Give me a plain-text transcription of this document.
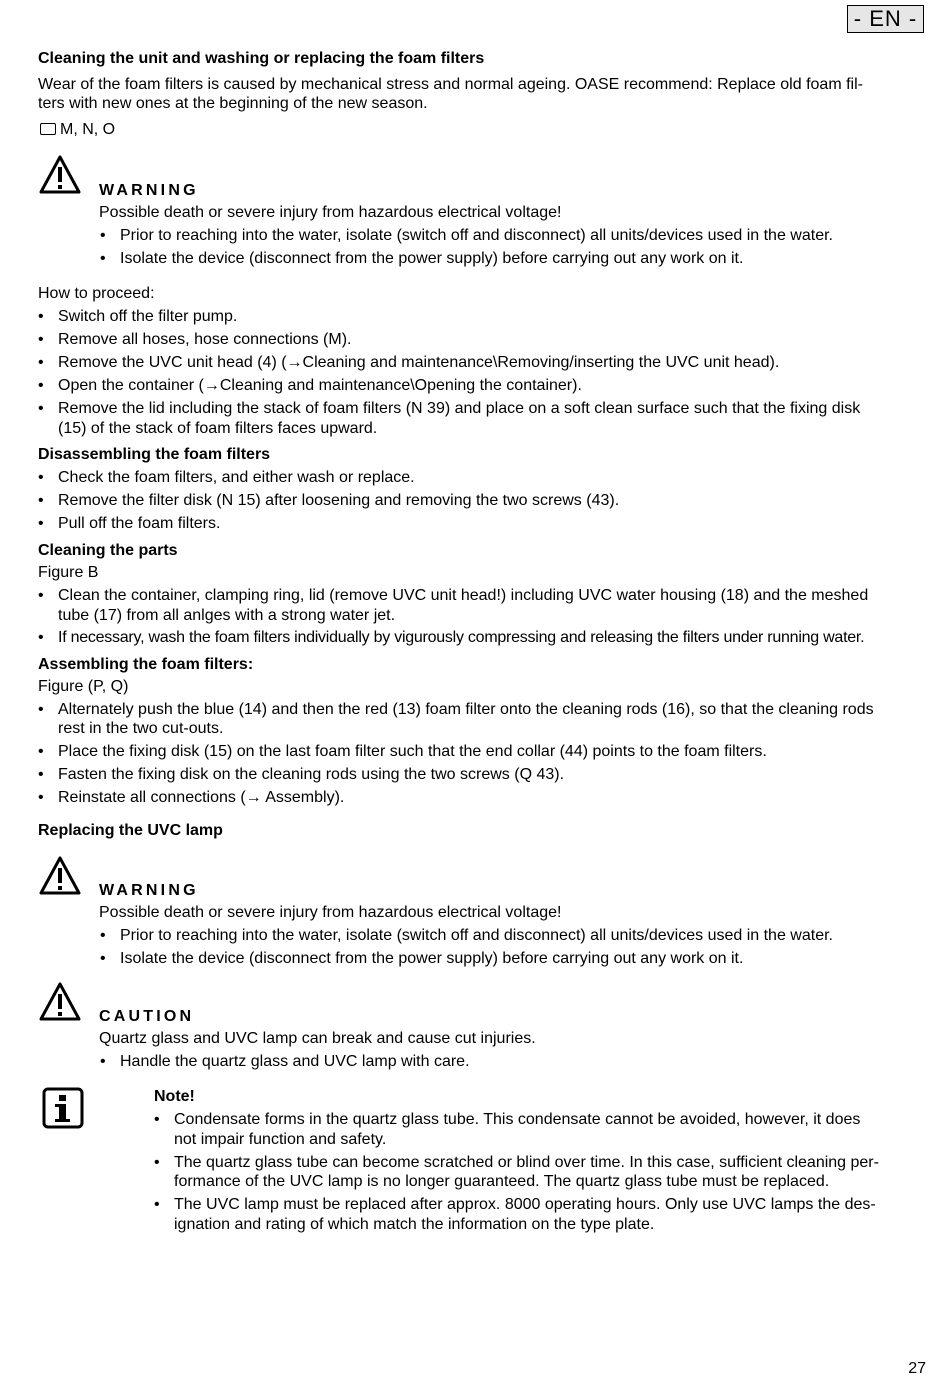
- EN -
Cleaning the unit and washing or replacing the foam filters
Wear of the foam filters is caused by mechanical stress and normal ageing. OASE recommend: Replace old foam fil-
ters with new ones at the beginning of the new season.
M, N, O
WARNING
Possible death or severe injury from hazardous electrical voltage!
• Prior to reaching into the water, isolate (switch off and disconnect) all units/devices used in the water.
• Isolate the device (disconnect from the power supply) before carrying out any work on it.
How to proceed:
• Switch off the filter pump.
• Remove all hoses, hose connections (M).
• Remove the UVC unit head (4) (→Cleaning and maintenance\Removing/inserting the UVC unit head).
• Open the container (→Cleaning and maintenance\Opening the container).
• Remove the lid including the stack of foam filters (N 39) and place on a soft clean surface such that the fixing disk
(15) of the stack of foam filters faces upward.
Disassembling the foam filters
• Check the foam filters, and either wash or replace.
• Remove the filter disk (N 15) after loosening and removing the two screws (43).
• Pull off the foam filters.
Cleaning the parts
Figure B
• Clean the container, clamping ring, lid (remove UVC unit head!) including UVC water housing (18) and the meshed
tube (17) from all anlges with a strong water jet.
• If necessary, wash the foam filters individually by vigurously compressing and releasing the filters under running water.
Assembling the foam filters:
Figure (P, Q)
• Alternately push the blue (14) and then the red (13) foam filter onto the cleaning rods (16), so that the cleaning rods
rest in the two cut-outs.
• Place the fixing disk (15) on the last foam filter such that the end collar (44) points to the foam filters.
• Fasten the fixing disk on the cleaning rods using the two screws (Q 43).
• Reinstate all connections (→ Assembly).
Replacing the UVC lamp
WARNING
Possible death or severe injury from hazardous electrical voltage!
• Prior to reaching into the water, isolate (switch off and disconnect) all units/devices used in the water.
• Isolate the device (disconnect from the power supply) before carrying out any work on it.
CAUTION
Quartz glass and UVC lamp can break and cause cut injuries.
• Handle the quartz glass and UVC lamp with care.
Note!
• Condensate forms in the quartz glass tube. This condensate cannot be avoided, however, it does
not impair function and safety.
• The quartz glass tube can become scratched or blind over time. In this case, sufficient cleaning per-
formance of the UVC lamp is no longer guaranteed. The quartz glass tube must be replaced.
• The UVC lamp must be replaced after approx. 8000 operating hours. Only use UVC lamps the des-
ignation and rating of which match the information on the type plate.
27
